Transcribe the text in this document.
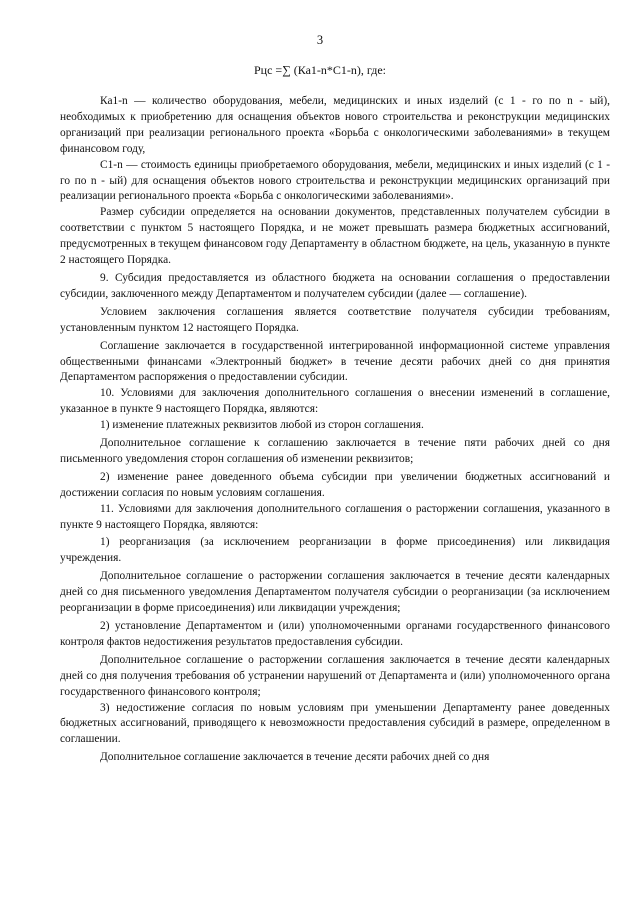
3
Рцс =∑ (Ка1-n*С1-n), где:

Ка1-n — количество оборудования, мебели, медицинских и иных изделий (с 1 - го по n - ый), необходимых к приобретению для оснащения объектов нового строительства и реконструкции медицинских организаций при реализации регионального проекта «Борьба с онкологическими заболеваниями» в текущем финансовом году,

С1-n — стоимость единицы приобретаемого оборудования, мебели, медицинских и иных изделий (с 1 - го по n - ый) для оснащения объектов нового строительства и реконструкции медицинских организаций при реализации регионального проекта «Борьба с онкологическими заболеваниями».

Размер субсидии определяется на основании документов, представленных получателем субсидии в соответствии с пунктом 5 настоящего Порядка, и не может превышать размера бюджетных ассигнований, предусмотренных в текущем финансовом году Департаменту в областном бюджете, на цель, указанную в пункте 2 настоящего Порядка.

9. Субсидия предоставляется из областного бюджета на основании соглашения о предоставлении субсидии, заключенного между Департаментом и получателем субсидии (далее — соглашение).

Условием заключения соглашения является соответствие получателя субсидии требованиям, установленным пунктом 12 настоящего Порядка.

Соглашение заключается в государственной интегрированной информационной системе управления общественными финансами «Электронный бюджет» в течение десяти рабочих дней со дня принятия Департаментом распоряжения о предоставлении субсидии.

10. Условиями для заключения дополнительного соглашения о внесении изменений в соглашение, указанное в пункте 9 настоящего Порядка, являются:

1) изменение платежных реквизитов любой из сторон соглашения.

Дополнительное соглашение к соглашению заключается в течение пяти рабочих дней со дня письменного уведомления сторон соглашения об изменении реквизитов;

2) изменение ранее доведенного объема субсидии при увеличении бюджетных ассигнований и достижении согласия по новым условиям соглашения.

11. Условиями для заключения дополнительного соглашения о расторжении соглашения, указанного в пункте 9 настоящего Порядка, являются:

1) реорганизация (за исключением реорганизации в форме присоединения) или ликвидация учреждения.

Дополнительное соглашение о расторжении соглашения заключается в течение десяти календарных дней со дня письменного уведомления Департаментом получателя субсидии о реорганизации (за исключением реорганизации в форме присоединения) или ликвидации учреждения;

2) установление Департаментом и (или) уполномоченными органами государственного финансового контроля фактов недостижения результатов предоставления субсидии.

Дополнительное соглашение о расторжении соглашения заключается в течение десяти календарных дней со дня получения требования об устранении нарушений от Департамента и (или) уполномоченного органа государственного финансового контроля;

3) недостижение согласия по новым условиям при уменьшении Департаменту ранее доведенных бюджетных ассигнований, приводящего к невозможности предоставления субсидий в размере, определенном в соглашении.

Дополнительное соглашение заключается в течение десяти рабочих дней со дня
